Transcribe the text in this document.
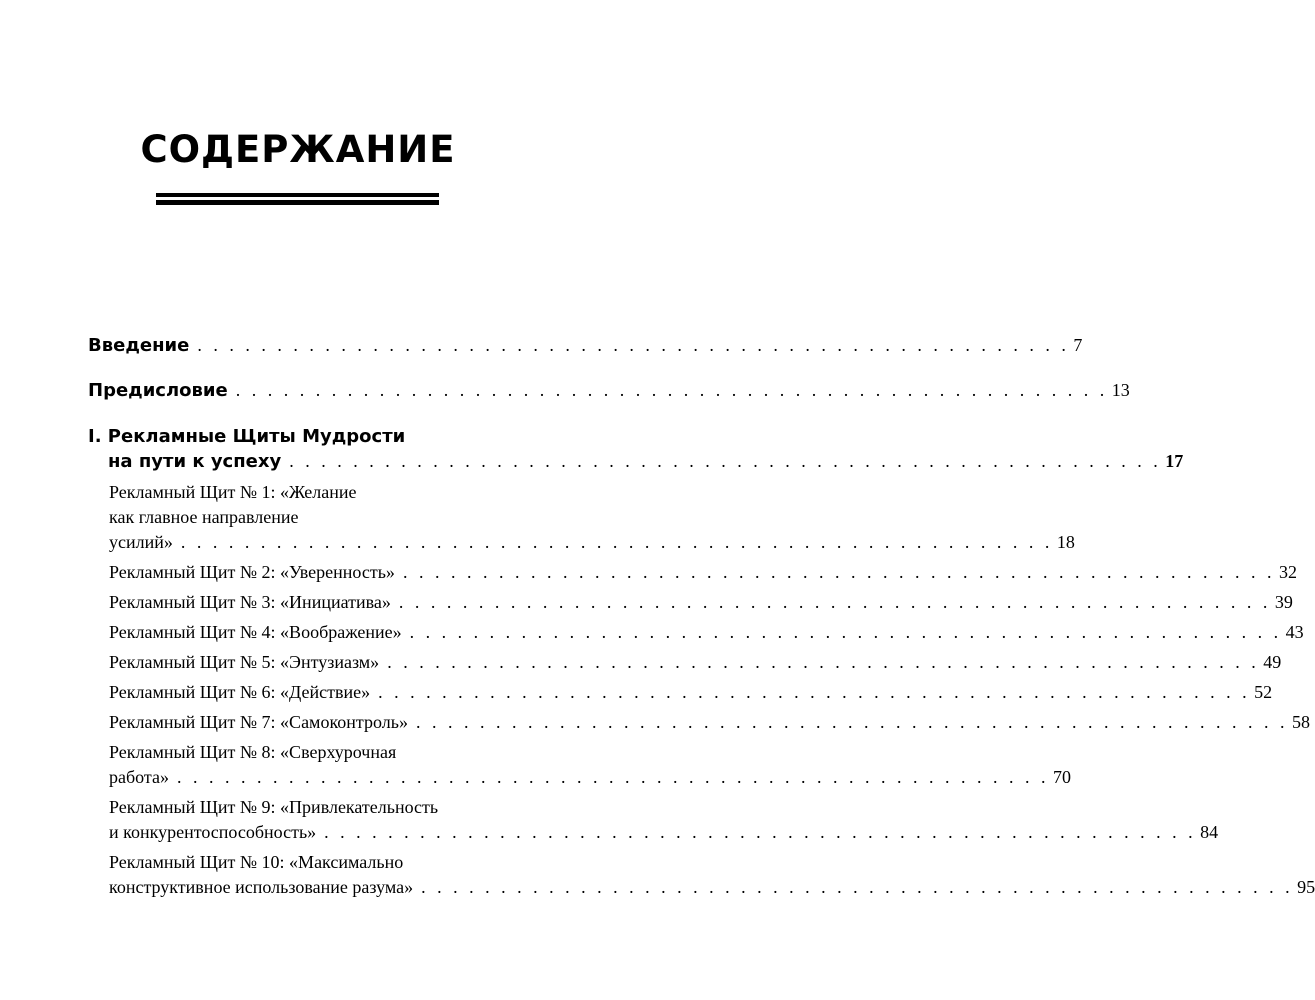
СОДЕРЖАНИЕ
Введение . . . . . . . . . . . . . . . . . . . . . . . . . . . . . . . . . . . . . . . . . . . . . . . . . . . . . . . 7
Предисловие . . . . . . . . . . . . . . . . . . . . . . . . . . . . . . . . . . . . . . . . . . . . . . . . . . . . . . . 13
I. Рекламные Щиты Мудрости
на пути к успеху . . . . . . . . . . . . . . . . . . . . . . . . . . . . . . . . . . . . . . . . . . . . . . . . . . . . . . . 17
Рекламный Щит № 1: «Желание
как главное направление
усилий» . . . . . . . . . . . . . . . . . . . . . . . . . . . . . . . . . . . . . . . . . . . . . . . . . . . . . . . 18
Рекламный Щит № 2: «Уверенность» . . . . . . . . . . . . . . . . . . . . . . . . . . . . . . . . . . . . . . . . . . . . . . . . . . . . . . . 32
Рекламный Щит № 3: «Инициатива» . . . . . . . . . . . . . . . . . . . . . . . . . . . . . . . . . . . . . . . . . . . . . . . . . . . . . . . 39
Рекламный Щит № 4: «Воображение» . . . . . . . . . . . . . . . . . . . . . . . . . . . . . . . . . . . . . . . . . . . . . . . . . . . . . . . 43
Рекламный Щит № 5: «Энтузиазм» . . . . . . . . . . . . . . . . . . . . . . . . . . . . . . . . . . . . . . . . . . . . . . . . . . . . . . . 49
Рекламный Щит № 6: «Действие» . . . . . . . . . . . . . . . . . . . . . . . . . . . . . . . . . . . . . . . . . . . . . . . . . . . . . . . 52
Рекламный Щит № 7: «Самоконтроль» . . . . . . . . . . . . . . . . . . . . . . . . . . . . . . . . . . . . . . . . . . . . . . . . . . . . . . . 58
Рекламный Щит № 8: «Сверхурочная
работа» . . . . . . . . . . . . . . . . . . . . . . . . . . . . . . . . . . . . . . . . . . . . . . . . . . . . . . . 70
Рекламный Щит № 9: «Привлекательность
и конкурентоспособность» . . . . . . . . . . . . . . . . . . . . . . . . . . . . . . . . . . . . . . . . . . . . . . . . . . . . . . . 84
Рекламный Щит № 10: «Максимально
конструктивное использование разума» . . . . . . . . . . . . . . . . . . . . . . . . . . . . . . . . . . . . . . . . . . . . . . . . . . . . . . . 95
